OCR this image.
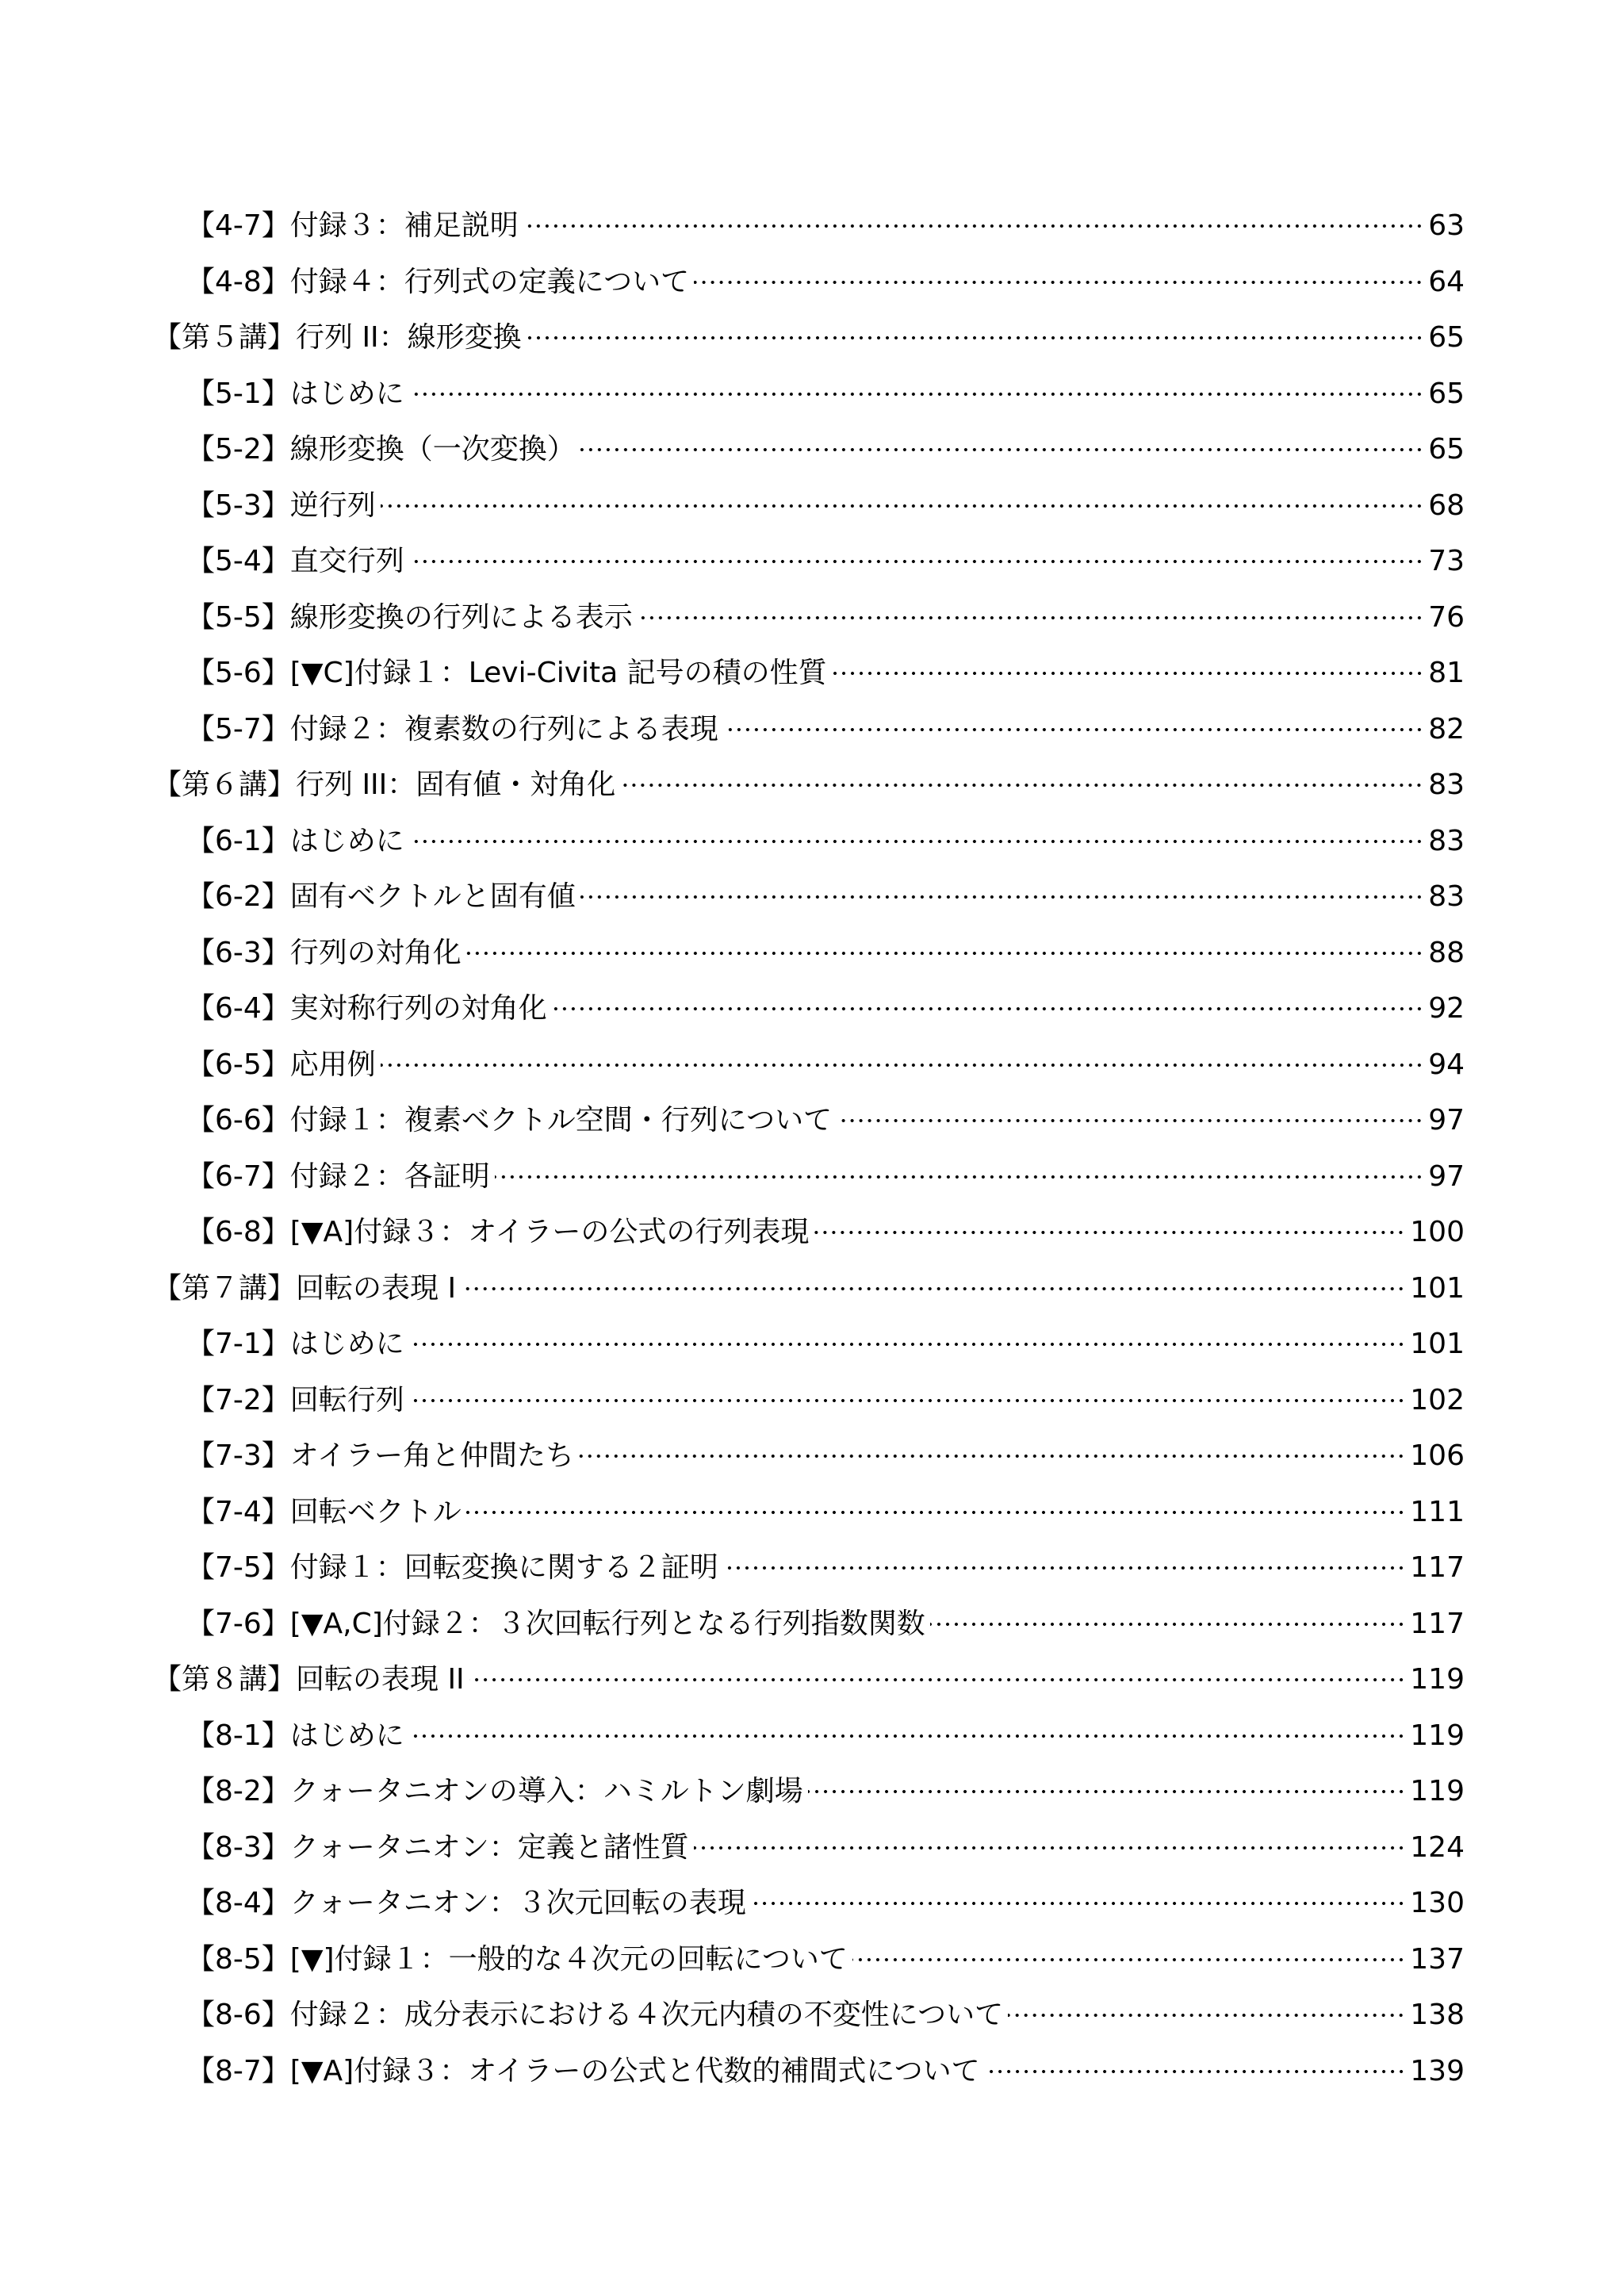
【4-7】付録３：補足説明	63
【4-8】付録４：行列式の定義について	64
【第５講】行列 II：線形変換	65
【5-1】はじめに	65
【5-2】線形変換（一次変換）	65
【5-3】逆行列	68
【5-4】直交行列	73
【5-5】線形変換の行列による表示	76
【5-6】[▼C]付録１：Levi-Civita 記号の積の性質	81
【5-7】付録２：複素数の行列による表現	82
【第６講】行列 III：固有値・対角化	83
【6-1】はじめに	83
【6-2】固有ベクトルと固有値	83
【6-3】行列の対角化	88
【6-4】実対称行列の対角化	92
【6-5】応用例	94
【6-6】付録１：複素ベクトル空間・行列について	97
【6-7】付録２：各証明	97
【6-8】[▼A]付録３：オイラーの公式の行列表現	100
【第７講】回転の表現 I	101
【7-1】はじめに	101
【7-2】回転行列	102
【7-3】オイラー角と仲間たち	106
【7-4】回転ベクトル	111
【7-5】付録１：回転変換に関する２証明	117
【7-6】[▼A,C]付録２：３次回転行列となる行列指数関数	117
【第８講】回転の表現 II	119
【8-1】はじめに	119
【8-2】クォータニオンの導入：ハミルトン劇場	119
【8-3】クォータニオン：定義と諸性質	124
【8-4】クォータニオン：３次元回転の表現	130
【8-5】[▼]付録１：一般的な４次元の回転について	137
【8-6】付録２：成分表示における４次元内積の不変性について	138
【8-7】[▼A]付録３：オイラーの公式と代数的補間式について	139
